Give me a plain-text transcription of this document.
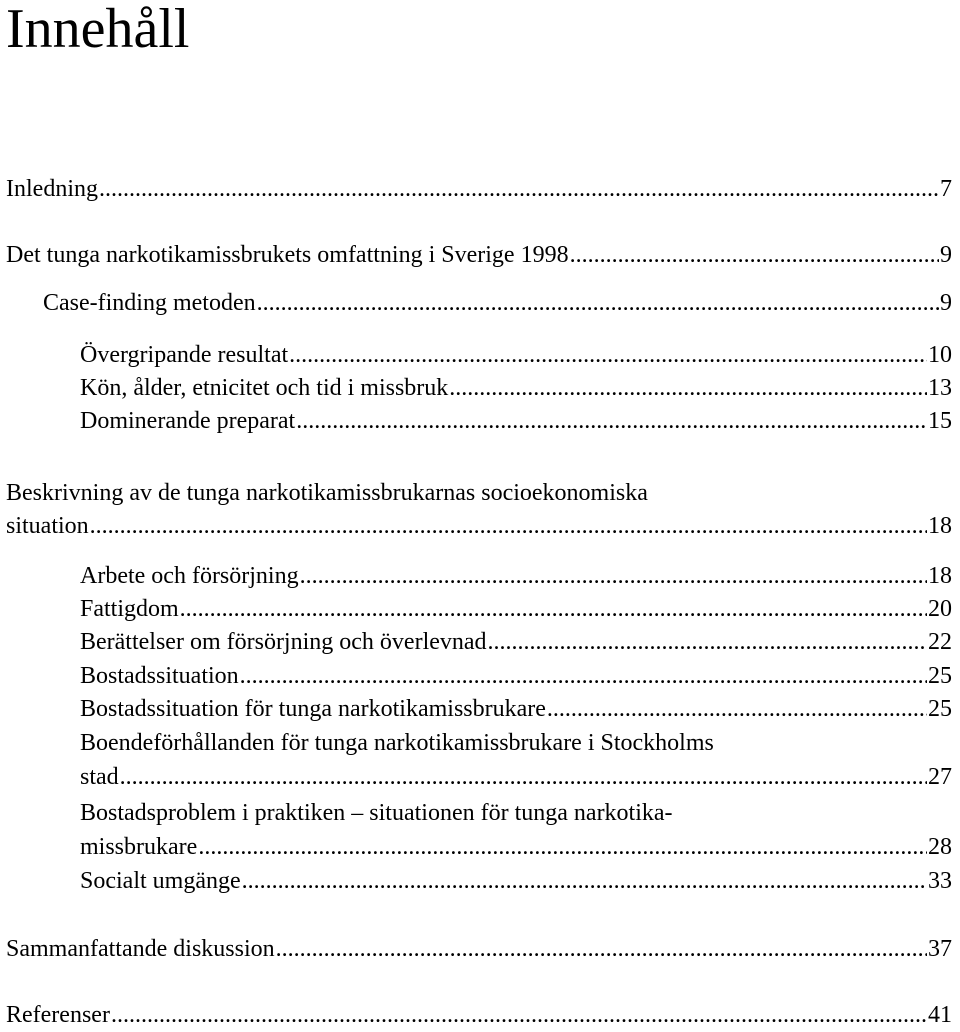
Innehåll
Inledning .....	7
Det tunga narkotikamissbrukets omfattning i Sverige 1998 .....	9
Case-finding metoden .....	9
Övergripande resultat .....	10
Kön, ålder, etnicitet och tid i missbruk .....	13
Dominerande preparat .....	15
Beskrivning av de tunga narkotikamissbrukarnas socioekonomiska
situation .....	18
Arbete och försörjning .....	18
Fattigdom .....	20
Berättelser om försörjning och överlevnad .....	22
Bostadssituation .....	25
Bostadssituation för tunga narkotikamissbrukare .....	25
Boendeförhållanden för tunga narkotikamissbrukare i Stockholms
stad .....	27
Bostadsproblem i praktiken – situationen för tunga narkotika-
missbrukare .....	28
Socialt umgänge .....	33
Sammanfattande diskussion .....	37
Referenser .....	41
